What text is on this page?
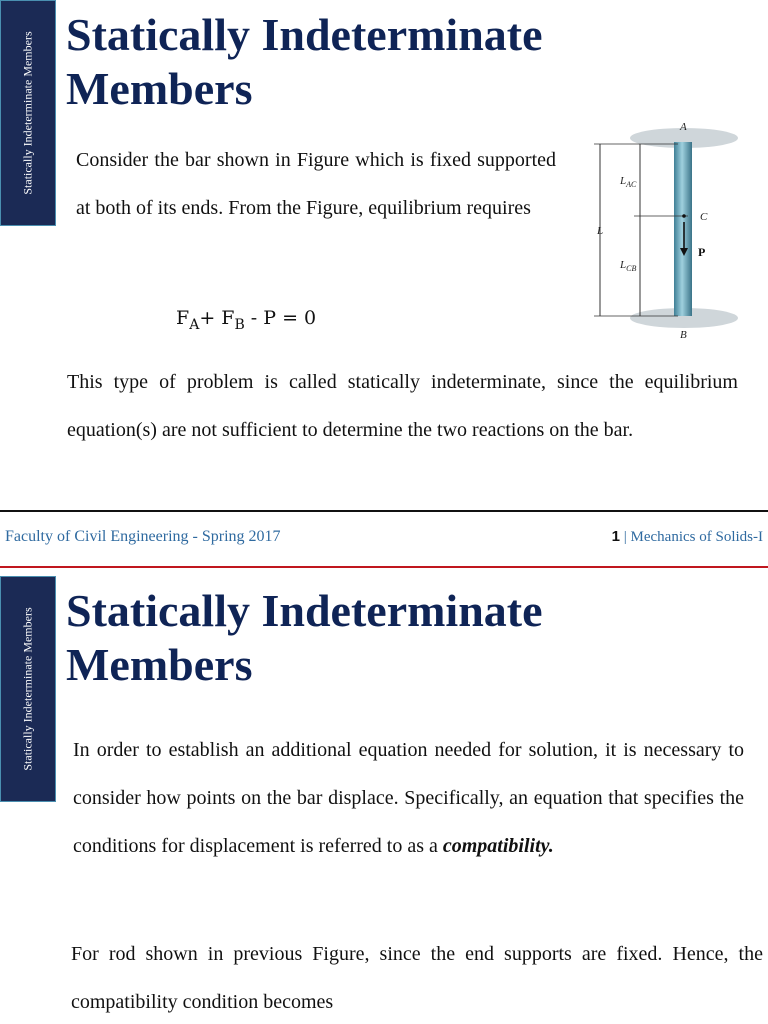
Statically Indeterminate Members Statically Indeterminate Members

Consider the bar shown in Figure which is fixed supported at both of its ends. From the Figure, equilibrium requires

$F_A+ F_B - P = 0$
A
B
C
P
L
$L_{AC}$
$L_{CB}$

This type of problem is called statically indeterminate, since the equilibrium equation(s) are not sufficient to determine the two reactions on the bar.

Faculty of Civil Engineering - Spring 2017	1 | Mechanics of Solids-I
Statically Indeterminate Members Statically Indeterminate Members

In order to establish an additional equation needed for solution, it is necessary to consider how points on the bar displace. Specifically, an equation that specifies the conditions for displacement is referred to as a compatibility.

For rod shown in previous Figure, since the end supports are fixed. Hence, the compatibility condition becomes
